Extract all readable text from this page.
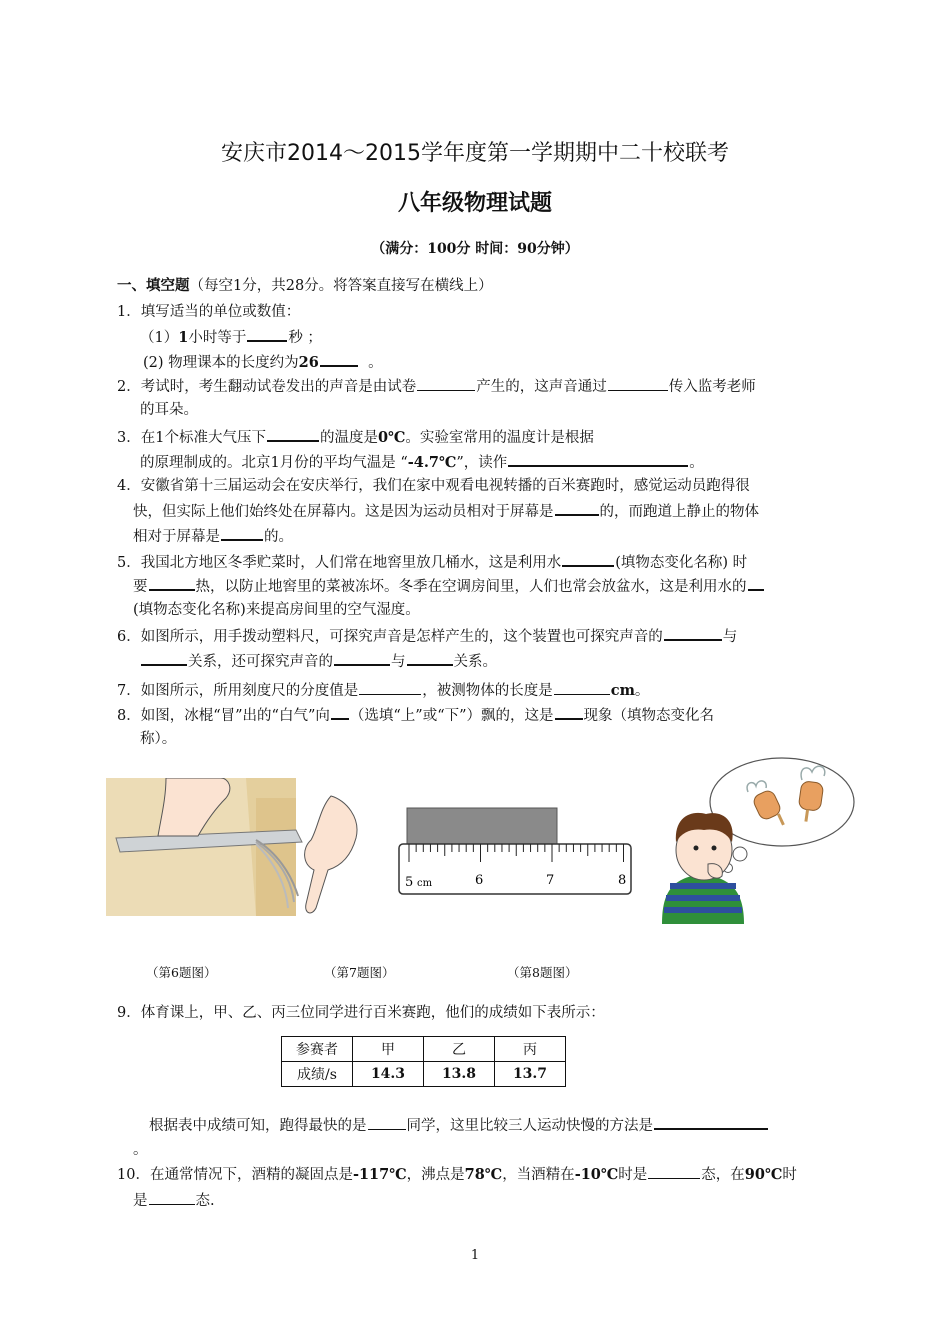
安庆市2014～2015学年度第一学期期中二十校联考
八年级物理试题
（满分：100分 时间：90分钟）
一、填空题（每空1分，共28分。将答案直接写在横线上）
1．填写适当的单位或数值：
（1）1小时等于	秒 ；
(2) 物理课本的长度约为26	。
2．考试时，考生翻动试卷发出的声音是由试卷	产生的，这声音通过	传入监考老师
的耳朵。
3．在1个标准大气压下	的温度是0℃。实验室常用的温度计是根据
的原理制成的。北京1月份的平均气温是 “-4.7℃”，读作	。
4．安徽省第十三届运动会在安庆举行，我们在家中观看电视转播的百米赛跑时，感觉运动员跑得很
快，但实际上他们始终处在屏幕内。这是因为运动员相对于屏幕是	的，而跑道上静止的物体
相对于屏幕是	的。
5．我国北方地区冬季贮菜时，人们常在地窖里放几桶水，这是利用水	(填物态变化名称) 时
要	热，以防止地窖里的菜被冻坏。冬季在空调房间里，人们也常会放盆水，这是利用水的
(填物态变化名称)来提高房间里的空气湿度。
6．如图所示，用手拨动塑料尺，可探究声音是怎样产生的，这个装置也可探究声音的	与
关系，还可探究声音的	与	关系。
7．如图所示，所用刻度尺的分度值是	，被测物体的长度是	cm。
8．如图，冰棍“冒”出的“白气”向 （选填“上”或“下”）飘的，这是 现象（填物态变化名
称）。
5 cm	6	7	8
（第6题图）	（第7题图）	（第8题图）
9．体育课上，甲、乙、丙三位同学进行百米赛跑，他们的成绩如下表所示：
参赛者	甲	乙	丙
成绩/s	14.3	13.8	13.7
根据表中成绩可知，跑得最快的是	同学，这里比较三人运动快慢的方法是
。
10．在通常情况下，酒精的凝固点是-117℃，沸点是78℃，当酒精在-10℃时是	态，在90℃时
是	态.
1
